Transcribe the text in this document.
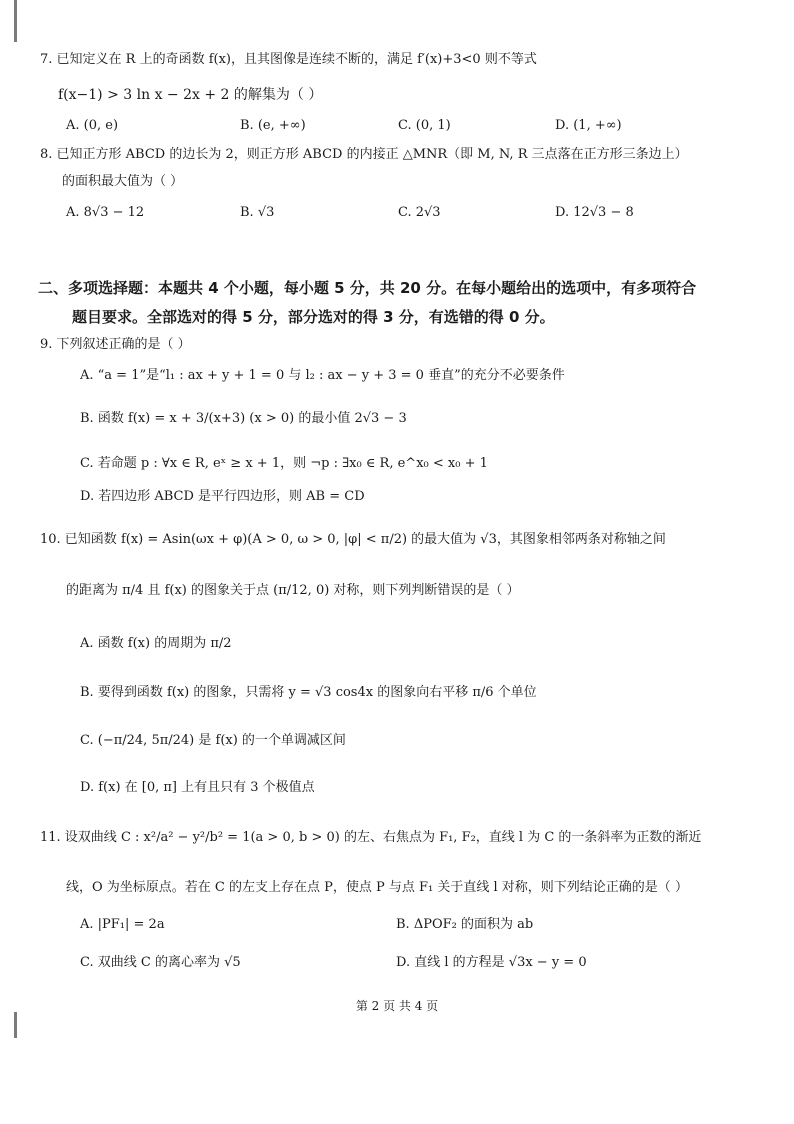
7. 已知定义在 R 上的奇函数 f(x)，且其图像是连续不断的，满足 f′(x)+3<0 则不等式
f(x−1) > 3 ln x − 2x + 2 的解集为（ ）
A. (0, e)	B. (e, +∞)	C. (0, 1)	D. (1, +∞)
8. 已知正方形 ABCD 的边长为 2，则正方形 ABCD 的内接正 △MNR（即 M, N, R 三点落在正方形三条边上）
的面积最大值为（ ）
A. 8√3 − 12	B. √3	C. 2√3	D. 12√3 − 8
二、多项选择题：本题共 4 个小题，每小题 5 分，共 20 分。在每小题给出的选项中，有多项符合
题目要求。全部选对的得 5 分，部分选对的得 3 分，有选错的得 0 分。
9. 下列叙述正确的是（ ）
A. “a = 1”是“l₁ : ax + y + 1 = 0 与 l₂ : ax − y + 3 = 0 垂直”的充分不必要条件
B. 函数 f(x) = x + 3/(x+3) (x > 0) 的最小值 2√3 − 3
C. 若命题 p : ∀x ∈ R, eˣ ≥ x + 1，则 ¬p : ∃x₀ ∈ R, e^x₀ < x₀ + 1
D. 若四边形 ABCD 是平行四边形，则 AB = CD
10. 已知函数 f(x) = Asin(ωx + φ)(A > 0, ω > 0, |φ| < π/2) 的最大值为 √3，其图象相邻两条对称轴之间
的距离为 π/4 且 f(x) 的图象关于点 (π/12, 0) 对称，则下列判断错误的是（ ）
A. 函数 f(x) 的周期为 π/2
B. 要得到函数 f(x) 的图象，只需将 y = √3 cos4x 的图象向右平移 π/6 个单位
C. (−π/24, 5π/24) 是 f(x) 的一个单调减区间
D. f(x) 在 [0, π] 上有且只有 3 个极值点
11. 设双曲线 C : x²/a² − y²/b² = 1(a > 0, b > 0) 的左、右焦点为 F₁, F₂，直线 l 为 C 的一条斜率为正数的渐近
线，O 为坐标原点。若在 C 的左支上存在点 P，使点 P 与点 F₁ 关于直线 l 对称，则下列结论正确的是（ ）
A. |PF₁| = 2a	B. ΔPOF₂ 的面积为 ab
C. 双曲线 C 的离心率为 √5	D. 直线 l 的方程是 √3x − y = 0
第 2 页 共 4 页
